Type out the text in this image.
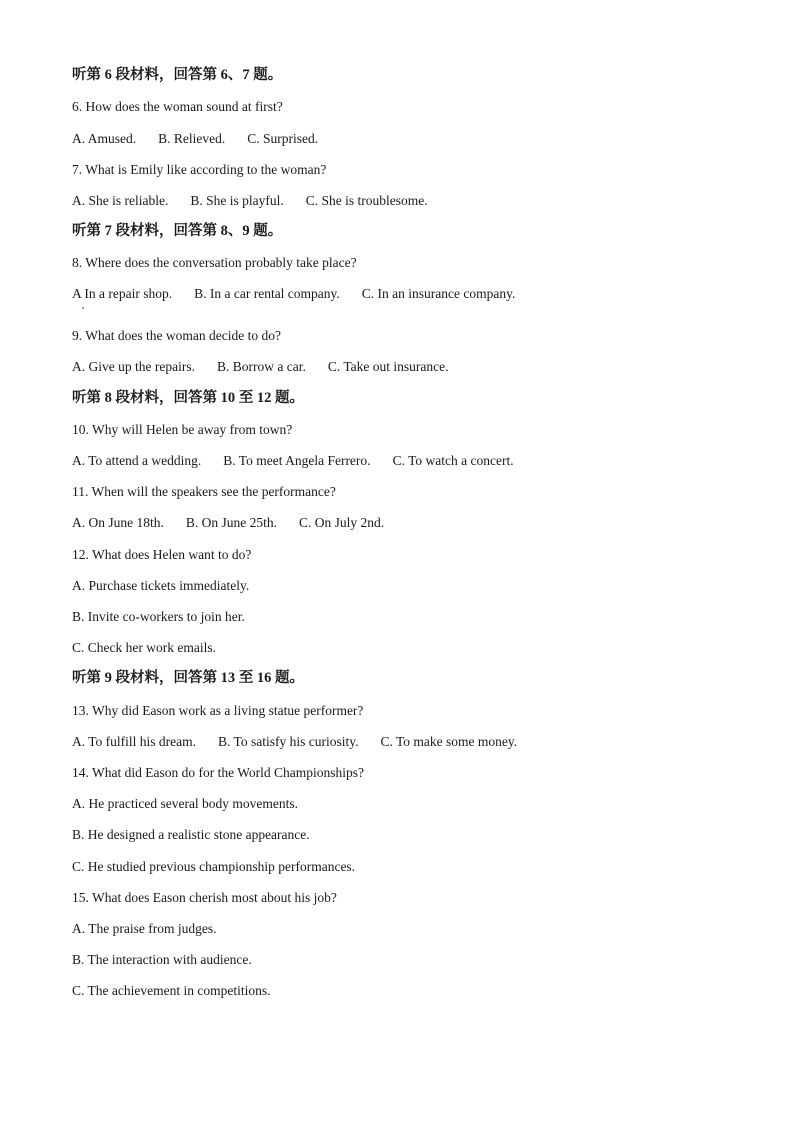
听第 6 段材料，回答第 6、7 题。
6. How does the woman sound at first?
A. Amused. B. Relieved. C. Surprised.
7. What is Emily like according to the woman?
A. She is reliable. B. She is playful. C. She is troublesome.
听第 7 段材料，回答第 8、9 题。
8. Where does the conversation probably take place?
A In a repair shop. B. In a car rental company. C. In an insurance company.
9. What does the woman decide to do?
A. Give up the repairs. B. Borrow a car. C. Take out insurance.
听第 8 段材料，回答第 10 至 12 题。
10. Why will Helen be away from town?
A. To attend a wedding. B. To meet Angela Ferrero. C. To watch a concert.
11. When will the speakers see the performance?
A. On June 18th. B. On June 25th. C. On July 2nd.
12. What does Helen want to do?
A. Purchase tickets immediately.
B. Invite co-workers to join her.
C. Check her work emails.
听第 9 段材料，回答第 13 至 16 题。
13. Why did Eason work as a living statue performer?
A. To fulfill his dream. B. To satisfy his curiosity. C. To make some money.
14. What did Eason do for the World Championships?
A. He practiced several body movements.
B. He designed a realistic stone appearance.
C. He studied previous championship performances.
15. What does Eason cherish most about his job?
A. The praise from judges.
B. The interaction with audience.
C. The achievement in competitions.
